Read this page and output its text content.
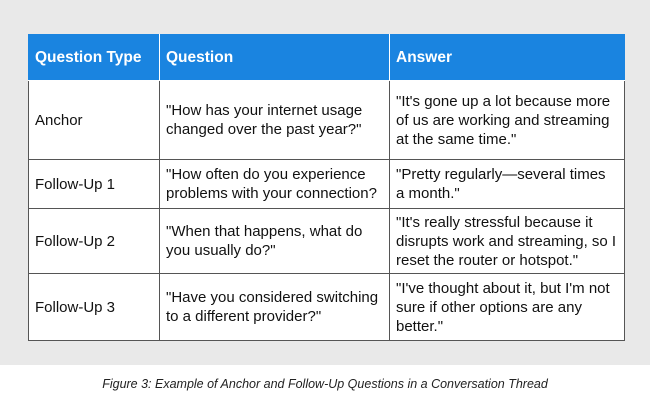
Question Type	Question	Answer
Anchor	"How has your internet usage changed over the past year?"	"It's gone up a lot because more of us are working and streaming at the same time."
Follow-Up 1	"How often do you experience problems with your connection?	"Pretty regularly—several times a month."
Follow-Up 2	"When that happens, what do you usually do?"	"It's really stressful because it disrupts work and streaming, so I reset the router or hotspot."
Follow-Up 3	"Have you considered switching to a different provider?"	"I've thought about it, but I'm not sure if other options are any better."
Figure 3: Example of Anchor and Follow-Up Questions in a Conversation Thread
